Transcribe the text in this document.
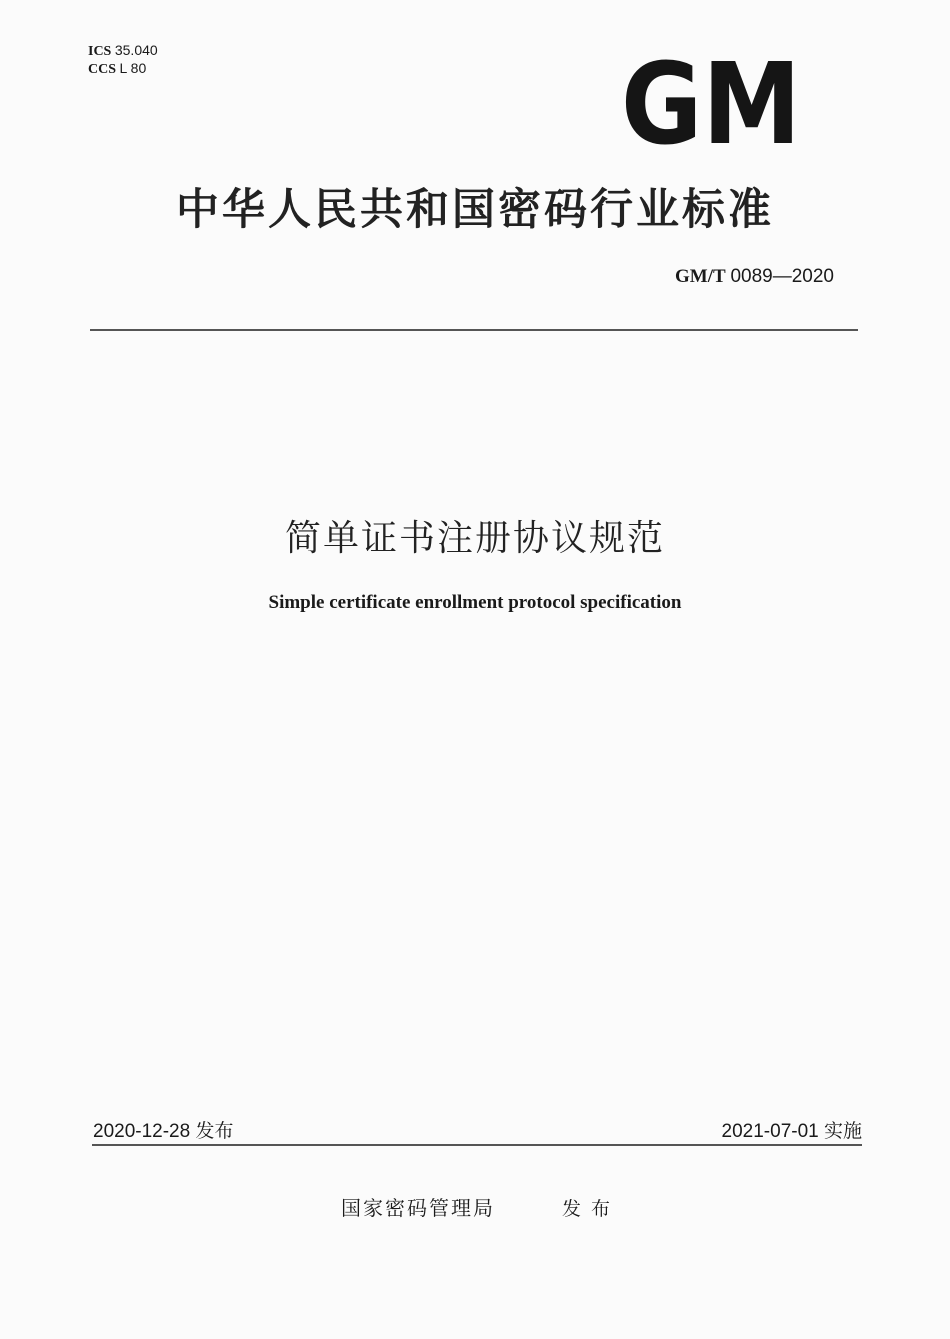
ICS 35.040
CCS L 80	GM
中华人民共和国密码行业标准
GM/T 0089—2020
简单证书注册协议规范
Simple certificate enrollment protocol specification
2020-12-28 发布	2021-07-01 实施
国家密码管理局	发布
